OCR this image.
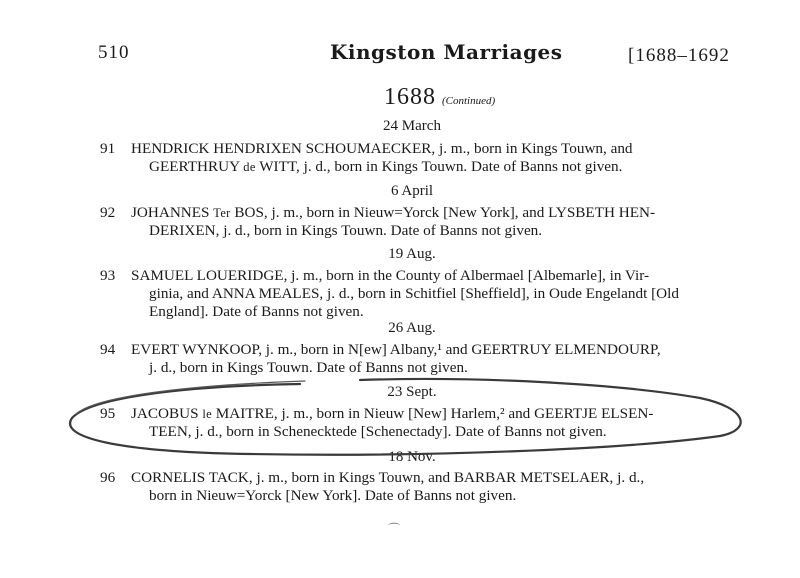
510	Kingston Marriages	[1688–1692
1688 (Continued)
24 March
91	HENDRICK HENDRIXEN SCHOUMAECKER, j. m., born in Kings Touwn, and
GEERTHRUY de WITT, j. d., born in Kings Touwn. Date of Banns not given.
6 April
92	JOHANNES Ter BOS, j. m., born in Nieuw=Yorck [New York], and LYSBETH HEN-
DERIXEN, j. d., born in Kings Touwn. Date of Banns not given.
19 Aug.
93	SAMUEL LOUERIDGE, j. m., born in the County of Albermael [Albemarle], in Vir-
ginia, and ANNA MEALES, j. d., born in Schitfiel [Sheffield], in Oude Engelandt [Old
England]. Date of Banns not given.
26 Aug.
94	EVERT WYNKOOP, j. m., born in N[ew] Albany,¹ and GEERTRUY ELMENDOURP,
j. d., born in Kings Touwn. Date of Banns not given.
23 Sept.
95	JACOBUS le MAITRE, j. m., born in Nieuw [New] Harlem,² and GEERTJE ELSEN-
TEEN, j. d., born in Schenecktede [Schenectady]. Date of Banns not given.
18 Nov.
96	CORNELIS TACK, j. m., born in Kings Touwn, and BARBAR METSELAER, j. d.,
born in Nieuw=Yorck [New York]. Date of Banns not given.
⌒
